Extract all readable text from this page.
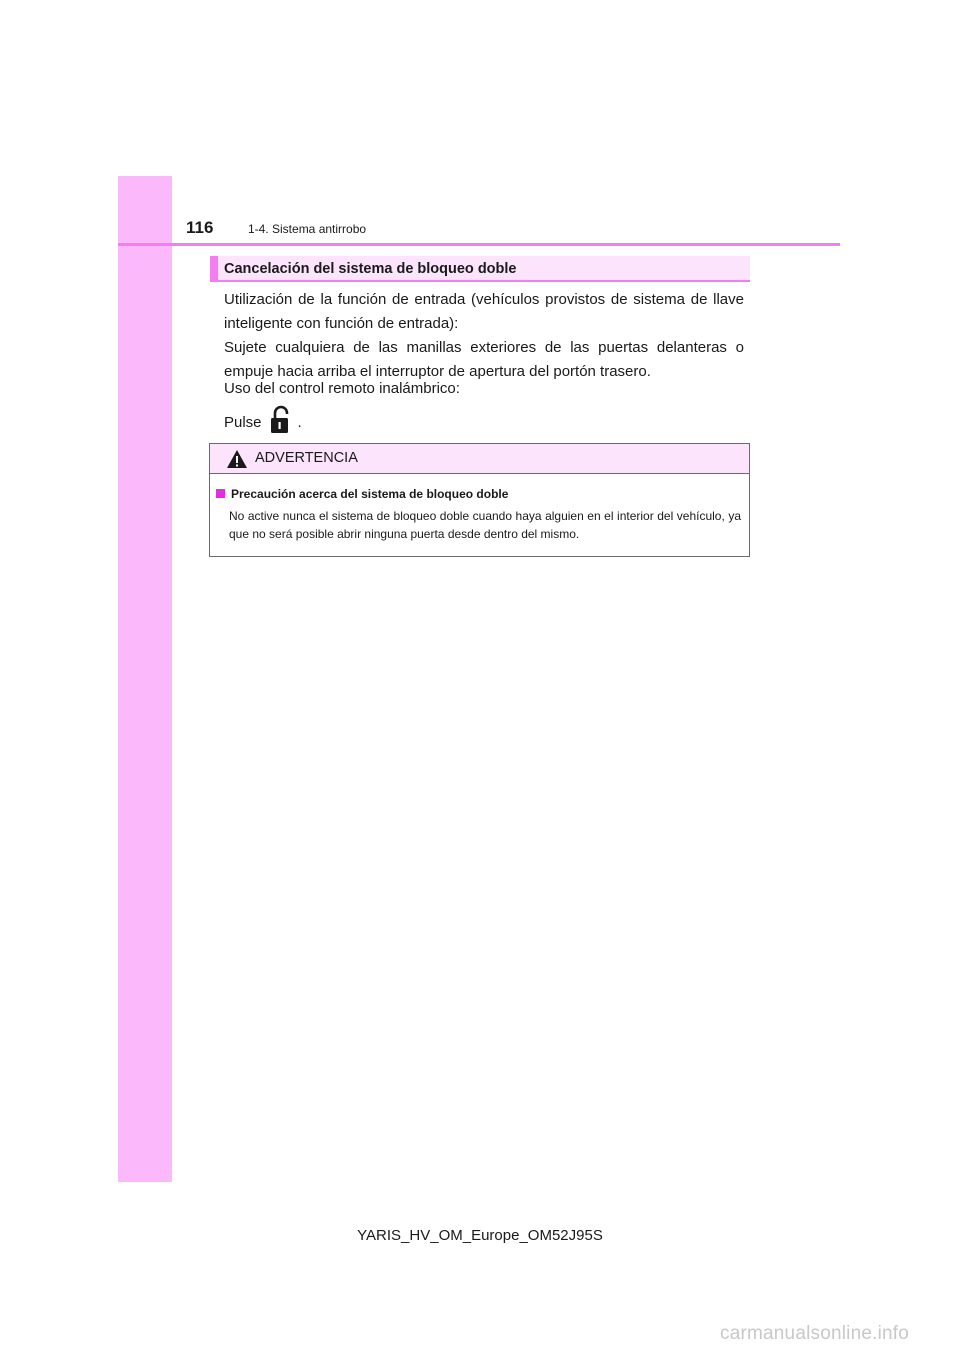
116	1-4. Sistema antirrobo
Cancelación del sistema de bloqueo doble

Utilización de la función de entrada (vehículos provistos de sistema de llave inteligente con función de entrada):

Sujete cualquiera de las manillas exteriores de las puertas delanteras o empuje hacia arriba el interruptor de apertura del portón trasero.

Uso del control remoto inalámbrico:

Pulse .

ADVERTENCIA
Precaución acerca del sistema de bloqueo doble

No active nunca el sistema de bloqueo doble cuando haya alguien en el interior del vehículo, ya que no será posible abrir ninguna puerta desde dentro del mismo.

YARIS_HV_OM_Europe_OM52J95S
carmanualsonline.info
